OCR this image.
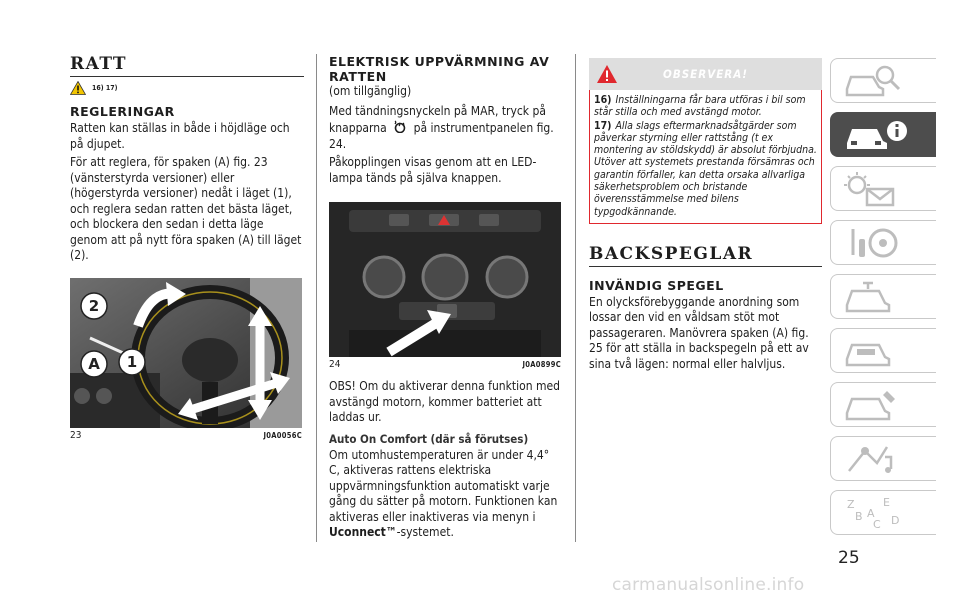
RATT
16) 17)
REGLERINGAR

Ratten kan ställas in både i höjdläge och på djupet.

För att reglera, för spaken (A) fig. 23 (vänsterstyrda versioner) eller (högerstyrda versioner) nedåt i läget (1), och reglera sedan ratten det bästa läget, och blockera den sedan i detta läge genom att på nytt föra spaken (A) till läget (2).

2
A 1
23	J0A0056C
ELEKTRISK UPPVÄRMNING AV RATTEN

(om tillgänglig)

Med tändningsnyckeln på MAR, tryck på knapparna på instrumentpanelen fig. 24.

Påkopplingen visas genom att en LED-lampa tänds på själva knappen.

24	J0A0899C

OBS! Om du aktiverar denna funktion med avstängd motorn, kommer batteriet att laddas ur.

Auto On Comfort (där så förutses)

Om utomhustemperaturen är under 4,4° C, aktiveras rattens elektriska uppvärmningsfunktion automatiskt varje gång du sätter på motorn. Funktionen kan aktiveras eller inaktiveras via menyn i Uconnect™-systemet.

OBSERVERA!

16) Inställningarna får bara utföras i bil som står stilla och med avstängd motor.

17) Alla slags eftermarknadsåtgärder som påverkar styrning eller rattstång (t ex montering av stöldskydd) är absolut förbjudna. Utöver att systemets prestanda försämras och garantin förfaller, kan detta orsaka allvarliga säkerhetsproblem och bristande överensstämmelse med bilens typgodkännande.

BACKSPEGLAR
INVÄNDIG SPEGEL

En olycksförebyggande anordning som lossar den vid en våldsam stöt mot passageraren. Manövrera spaken (A) fig. 25 för att ställa in backspegeln på ett av sina två lägen: normal eller halvljus.

Z	E
B
C D
A
25
carmanualsonline.info
